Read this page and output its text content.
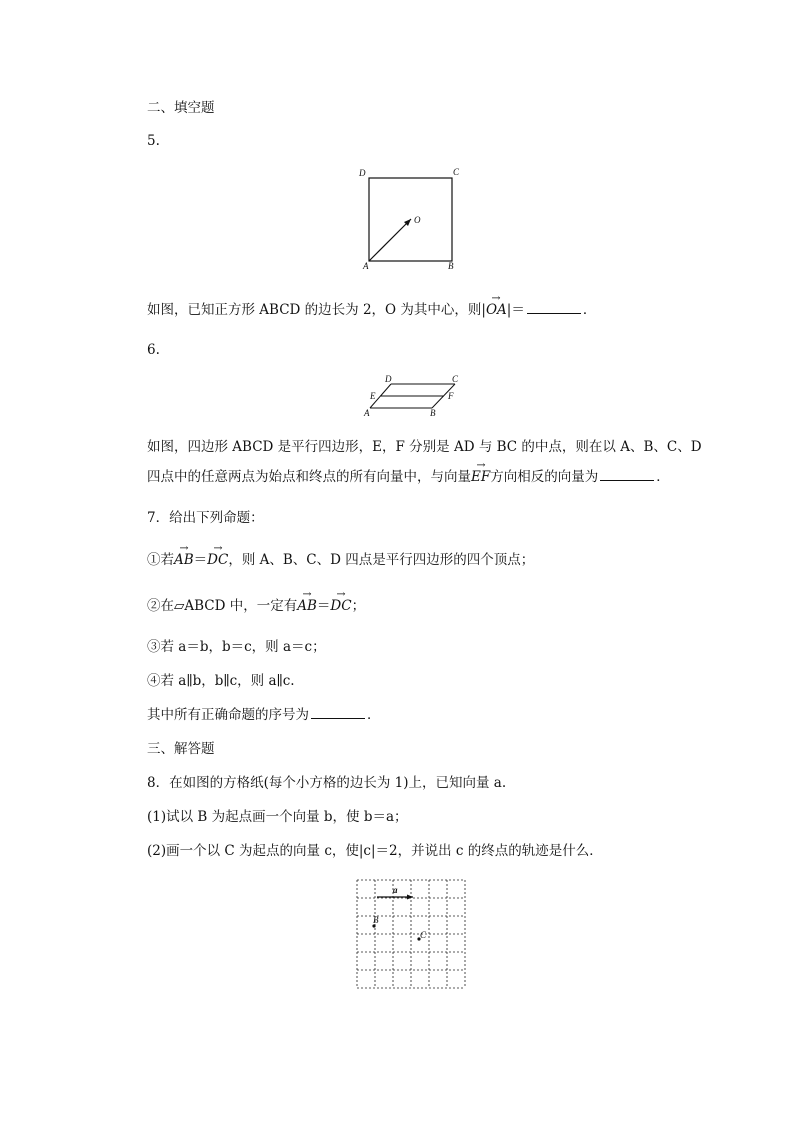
二、填空题
5.
D	C
O
A	B
如图，已知正方形 ABCD 的边长为 2，O 为其中心，则|→ OA|＝	．
6.
D	C
E	F
A	B
如图，四边形 ABCD 是平行四边形，E，F 分别是 AD 与 BC 的中点，则在以 A、B、C、D
四点中的任意两点为始点和终点的所有向量中，与向量→ EF方向相反的向量为	．
7．给出下列命题：
①若→ AB＝→ DC，则 A、B、C、D 四点是平行四边形的四个顶点；
②在▱ABCD 中，一定有→ AB＝→ DC；
③若 a＝b，b＝c，则 a＝c；
④若 a∥b，b∥c，则 a∥c.
其中所有正确命题的序号为	．
三、解答题
8．在如图的方格纸(每个小方格的边长为 1)上，已知向量 a.
(1)试以 B 为起点画一个向量 b，使 b＝a；
(2)画一个以 C 为起点的向量 c，使|c|＝2，并说出 c 的终点的轨迹是什么．
a
B
C
